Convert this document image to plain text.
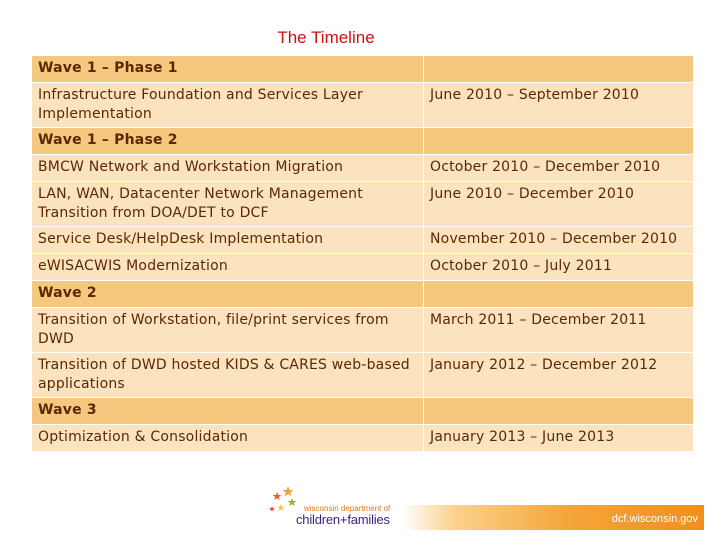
The Timeline
Wave 1 – Phase 1	
Infrastructure Foundation and Services Layer Implementation	June 2010 – September 2010
Wave 1 – Phase 2	
BMCW Network and Workstation Migration	October 2010 – December 2010
LAN, WAN, Datacenter Network Management Transition from DOA/DET to DCF	June 2010 – December 2010
Service Desk/HelpDesk Implementation	November 2010 – December 2010
eWISACWIS Modernization	October 2010 – July 2011
Wave 2	
Transition of Workstation, file/print services from DWD	March 2011 – December 2011
Transition of DWD hosted KIDS & CARES web-based applications	January 2012 – December 2012
Wave 3	
Optimization & Consolidation	January 2013 – June 2013
wisconsin department of
children+families	dcf.wisconsin.gov
